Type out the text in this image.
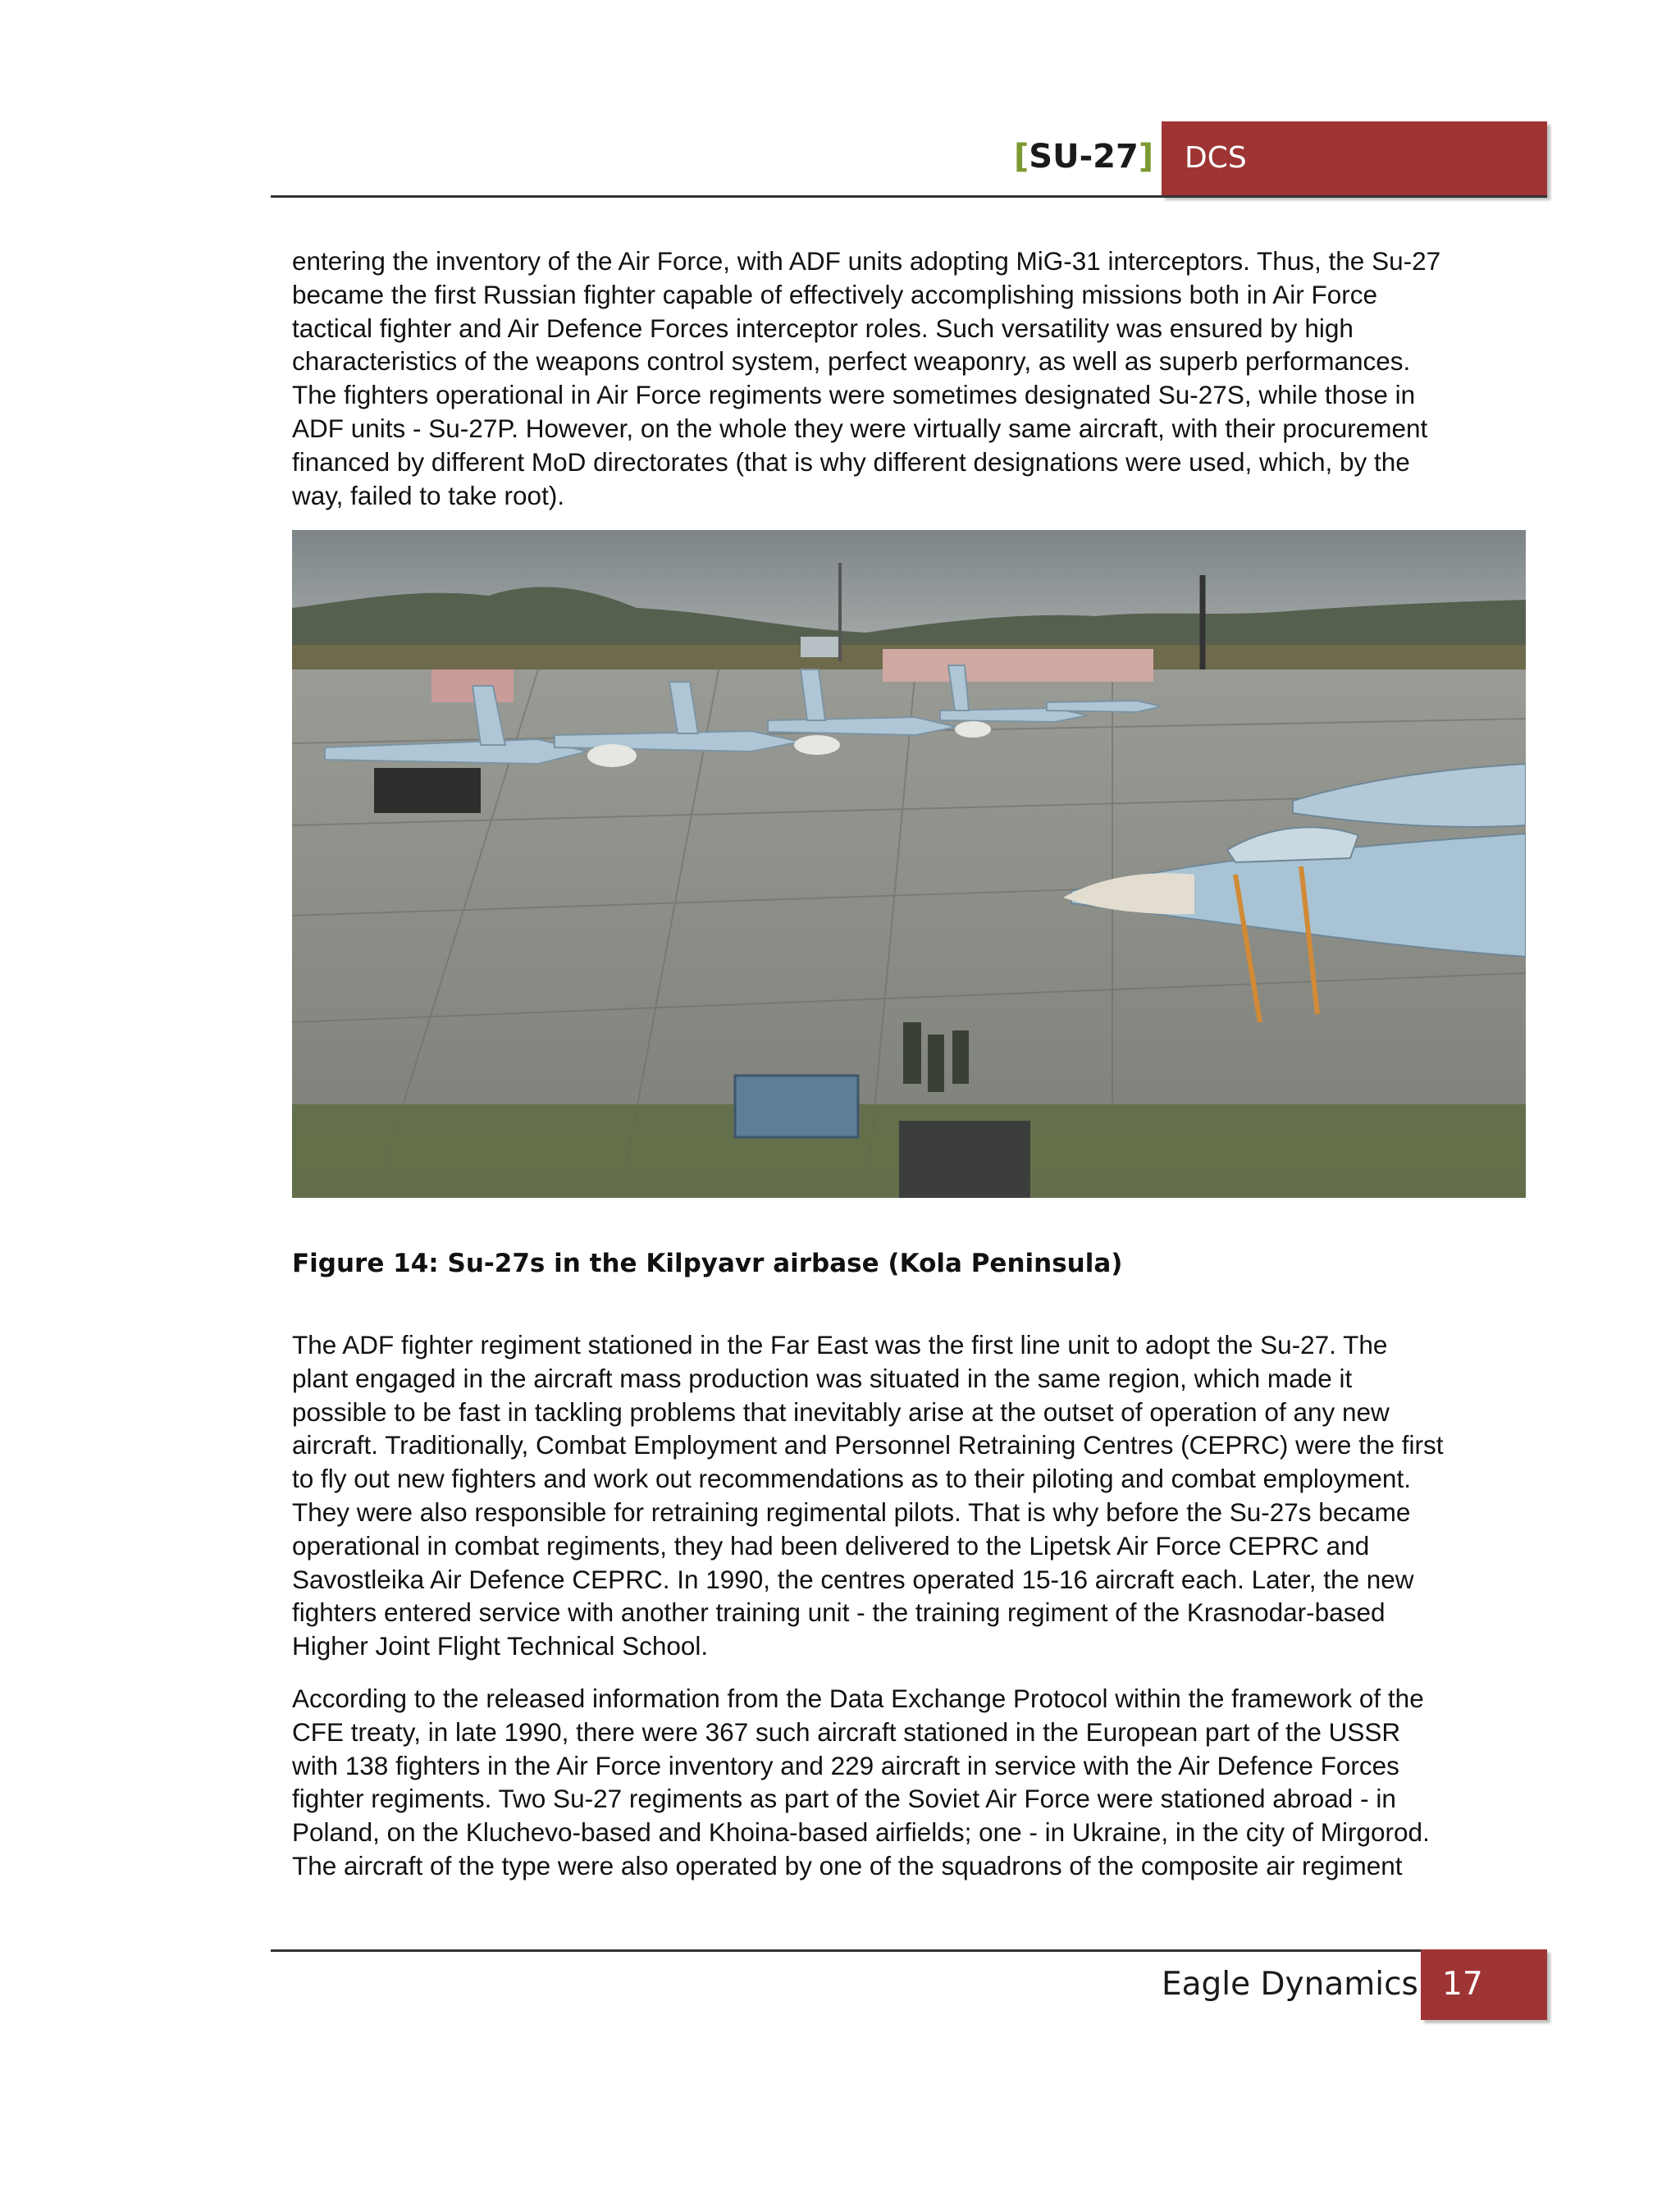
[SU-27] DCS

entering the inventory of the Air Force, with ADF units adopting MiG-31 interceptors. Thus, the Su-27
became the first Russian fighter capable of effectively accomplishing missions both in Air Force
tactical fighter and Air Defence Forces interceptor roles. Such versatility was ensured by high
characteristics of the weapons control system, perfect weaponry, as well as superb performances.
The fighters operational in Air Force regiments were sometimes designated Su-27S, while those in
ADF units - Su-27P. However, on the whole they were virtually same aircraft, with their procurement
financed by different MoD directorates (that is why different designations were used, which, by the
way, failed to take root).

Figure 14: Su-27s in the Kilpyavr airbase (Kola Peninsula)

The ADF fighter regiment stationed in the Far East was the first line unit to adopt the Su-27. The
plant engaged in the aircraft mass production was situated in the same region, which made it
possible to be fast in tackling problems that inevitably arise at the outset of operation of any new
aircraft. Traditionally, Combat Employment and Personnel Retraining Centres (CEPRC) were the first
to fly out new fighters and work out recommendations as to their piloting and combat employment.
They were also responsible for retraining regimental pilots. That is why before the Su-27s became
operational in combat regiments, they had been delivered to the Lipetsk Air Force CEPRC and
Savostleika Air Defence CEPRC. In 1990, the centres operated 15-16 aircraft each. Later, the new
fighters entered service with another training unit - the training regiment of the Krasnodar-based
Higher Joint Flight Technical School.

According to the released information from the Data Exchange Protocol within the framework of the
CFE treaty, in late 1990, there were 367 such aircraft stationed in the European part of the USSR
with 138 fighters in the Air Force inventory and 229 aircraft in service with the Air Defence Forces
fighter regiments. Two Su-27 regiments as part of the Soviet Air Force were stationed abroad - in
Poland, on the Kluchevo-based and Khoina-based airfields; one - in Ukraine, in the city of Mirgorod.
The aircraft of the type were also operated by one of the squadrons of the composite air regiment

Eagle Dynamics 17
